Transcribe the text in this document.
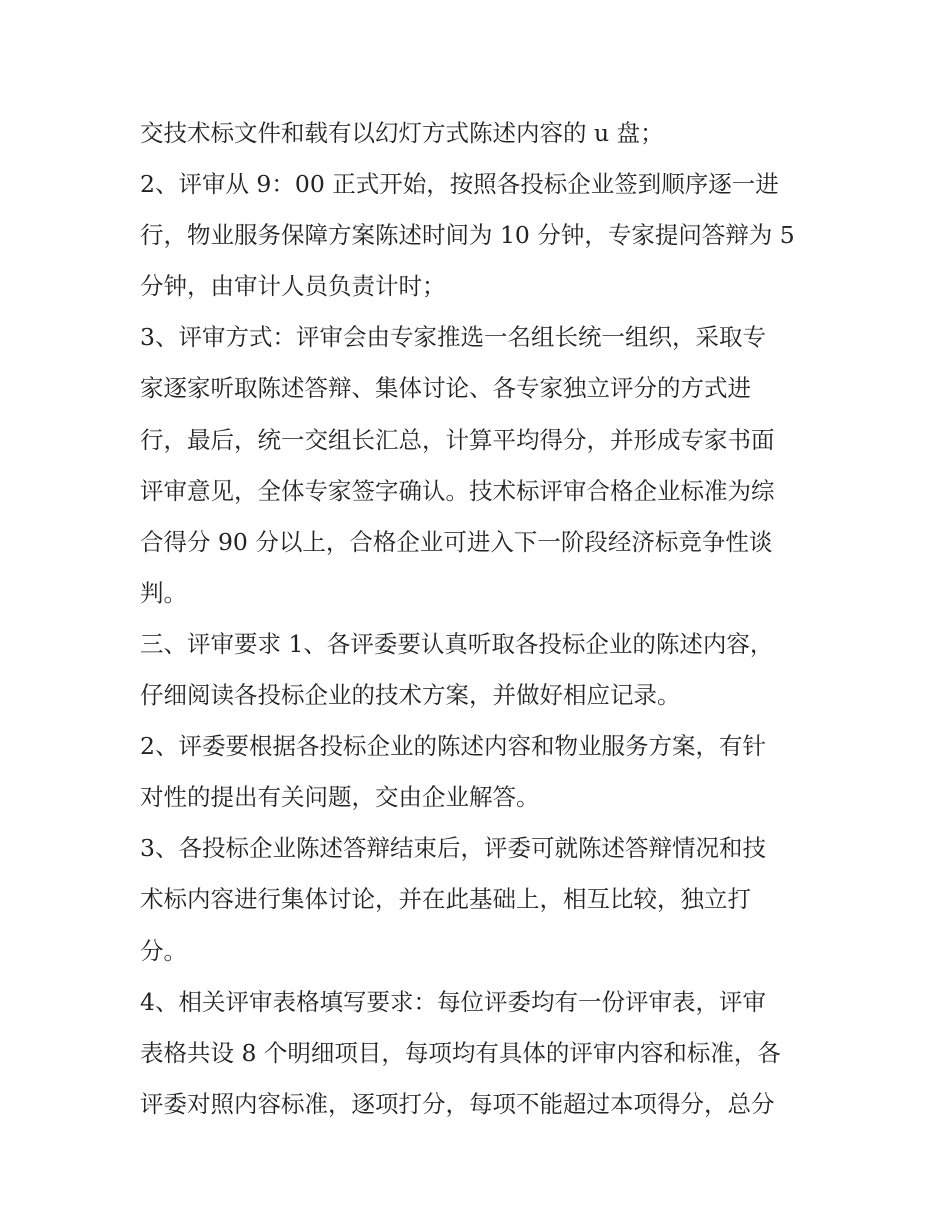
交技术标文件和载有以幻灯方式陈述内容的 u 盘；
2、评审从 9：00 正式开始，按照各投标企业签到顺序逐一进
行，物业服务保障方案陈述时间为 10 分钟，专家提问答辩为 5
分钟，由审计人员负责计时；
3、评审方式：评审会由专家推选一名组长统一组织，采取专
家逐家听取陈述答辩、集体讨论、各专家独立评分的方式进
行，最后，统一交组长汇总，计算平均得分，并形成专家书面
评审意见，全体专家签字确认。技术标评审合格企业标准为综
合得分 90 分以上，合格企业可进入下一阶段经济标竞争性谈
判。
三、评审要求 1、各评委要认真听取各投标企业的陈述内容，
仔细阅读各投标企业的技术方案，并做好相应记录。
2、评委要根据各投标企业的陈述内容和物业服务方案，有针
对性的提出有关问题，交由企业解答。
3、各投标企业陈述答辩结束后，评委可就陈述答辩情况和技
术标内容进行集体讨论，并在此基础上，相互比较，独立打
分。
4、相关评审表格填写要求：每位评委均有一份评审表，评审
表格共设 8 个明细项目，每项均有具体的评审内容和标准，各
评委对照内容标准，逐项打分，每项不能超过本项得分，总分
